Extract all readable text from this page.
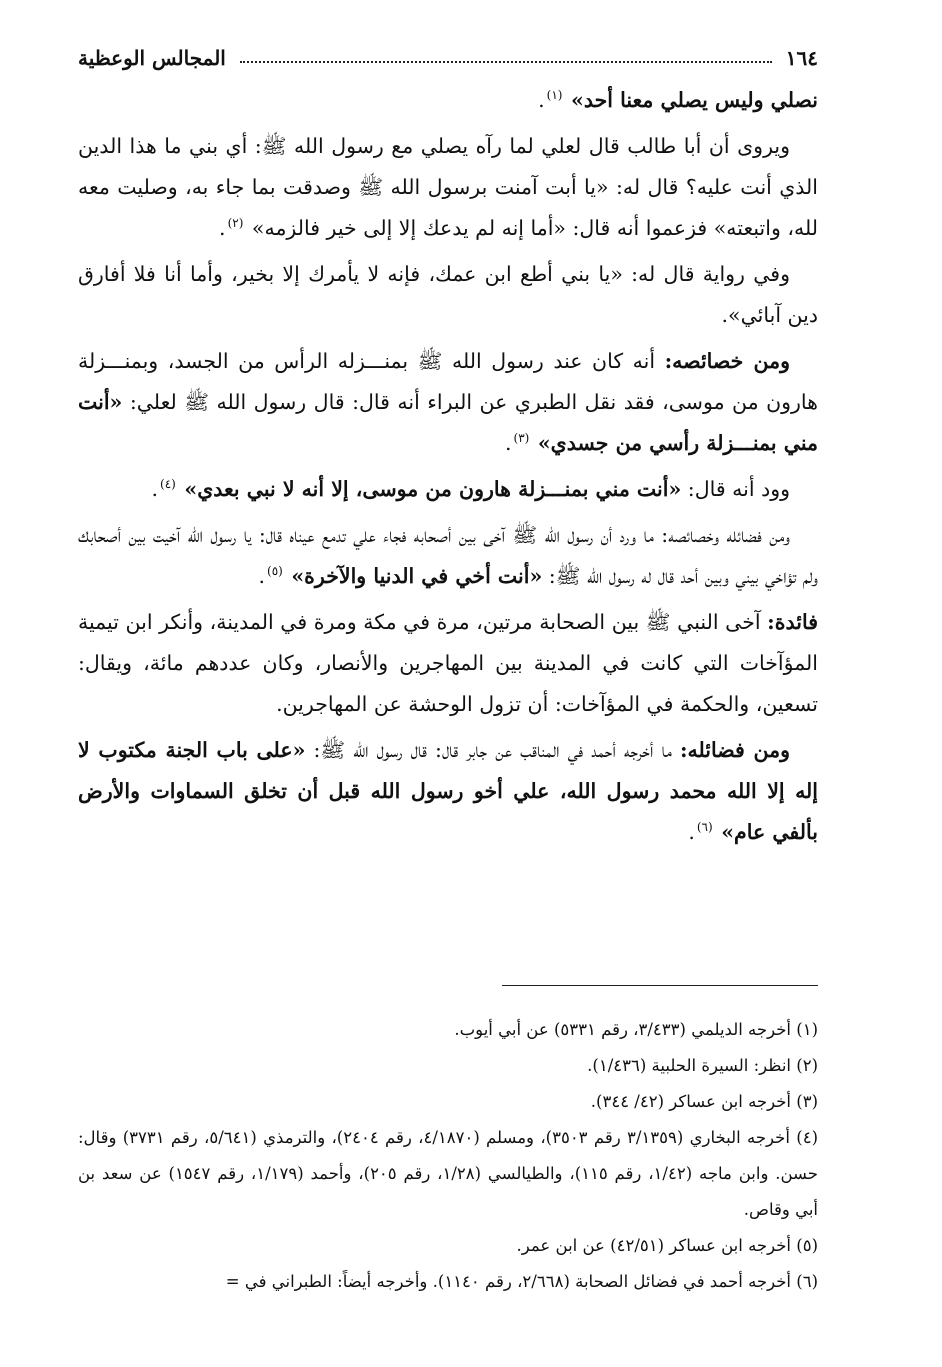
١٦٤
المجالس الوعظية

نصلي وليس يصلي معنا أحد» $^{(١)}$.

ويروى أن أبا طالب قال لعلي لما رآه يصلي مع رسول الله ﷺ: أي بني ما هذا الدين الذي أنت عليه؟ قال له: «يا أبت آمنت برسول الله ﷺ وصدقت بما جاء به، وصليت معه لله، واتبعته» فزعموا أنه قال: «أما إنه لم يدعك إلا إلى خير فالزمه» $^{(٢)}$.

وفي رواية قال له: «يا بني أطع ابن عمك، فإنه لا يأمرك إلا بخير، وأما أنا فلا أفارق دين آبائي».

ومن خصائصه: أنه كان عند رسول الله ﷺ بمنـــزله الرأس من الجسد، وبمنـــزلة هارون من موسى، فقد نقل الطبري عن البراء أنه قال: قال رسول الله ﷺ لعلي: «أنت مني بمنـــزلة رأسي من جسدي» $^{(٣)}$.

وود أنه قال: «أنت مني بمنـــزلة هارون من موسى، إلا أنه لا نبي بعدي» $^{(٤)}$.

ومن فضائله وخصائصه: ما ورد أن رسول الله ﷺ آخى بين أصحابه فجاء علي تدمع عيناه قال: يا رسول الله آخيت بين أصحابك ولم تؤاخي بيني وبين أحد قال له رسول الله ﷺ: «أنت أخي في الدنيا والآخرة» $^{(٥)}$.

فائدة: آخى النبي ﷺ بين الصحابة مرتين، مرة في مكة ومرة في المدينة، وأنكر ابن تيمية المؤآخات التي كانت في المدينة بين المهاجرين والأنصار، وكان عددهم مائة، ويقال: تسعين، والحكمة في المؤآخات: أن تزول الوحشة عن المهاجرين.

ومن فضائله: ما أخرجه أحمد في المناقب عن جابر قال: قال رسول الله ﷺ: «على باب الجنة مكتوب لا إله إلا الله محمد رسول الله، علي أخو رسول الله قبل أن تخلق السماوات والأرض بألفي عام» $^{(٦)}$.

(١) أخرجه الديلمي (٣/٤٣٣، رقم ٥٣٣١) عن أبي أيوب.

(٢) انظر: السيرة الحلبية (١/٤٣٦).

(٣) أخرجه ابن عساكر (٤٢/ ٣٤٤).

(٤) أخرجه البخاري (٣/١٣٥٩ رقم ٣٥٠٣)، ومسلم (٤/١٨٧٠، رقم ٢٤٠٤)، والترمذي (٥/٦٤١، رقم ٣٧٣١) وقال: حسن. وابن ماجه (١/٤٢، رقم ١١٥)، والطيالسي (١/٢٨، رقم ٢٠٥)، وأحمد (١/١٧٩، رقم ١٥٤٧) عن سعد بن أبي وقاص.

(٥) أخرجه ابن عساكر (٤٢/٥١) عن ابن عمر.

(٦) أخرجه أحمد في فضائل الصحابة (٢/٦٦٨، رقم ١١٤٠). وأخرجه أيضاً: الطبراني في =
